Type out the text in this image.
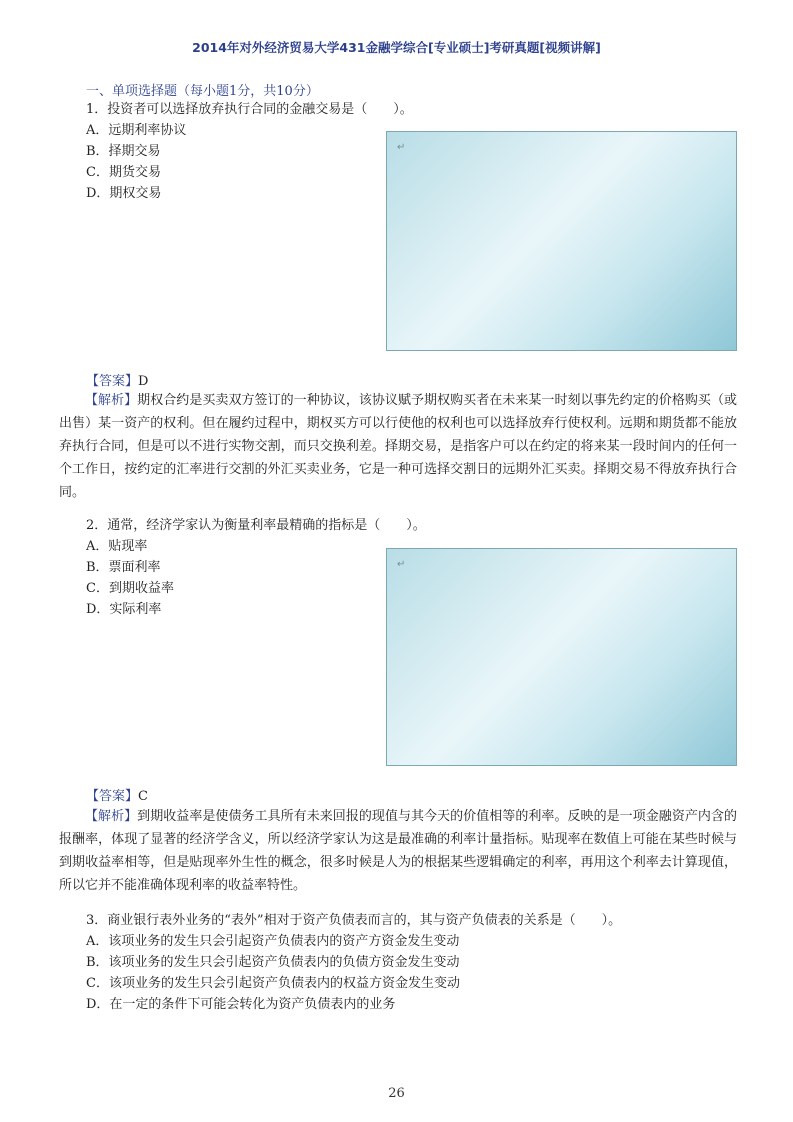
2014年对外经济贸易大学431金融学综合[专业硕士]考研真题[视频讲解]
一、单项选择题（每小题1分，共10分）
1．投资者可以选择放弃执行合同的金融交易是（　　）。
A．远期利率协议
B．择期交易
C．期货交易
D．期权交易
↵
【答案】D
【解析】期权合约是买卖双方签订的一种协议，该协议赋予期权购买者在未来某一时刻以事先约定的价格购买（或出售）某一资产的权利。但在履约过程中，期权买方可以行使他的权利也可以选择放弃行使权利。远期和期货都不能放弃执行合同，但是可以不进行实物交割，而只交换利差。择期交易，是指客户可以在约定的将来某一段时间内的任何一个工作日，按约定的汇率进行交割的外汇买卖业务，它是一种可选择交割日的远期外汇买卖。择期交易不得放弃执行合同。
2．通常，经济学家认为衡量利率最精确的指标是（　　）。
A．贴现率
B．票面利率
C．到期收益率
D．实际利率
↵
【答案】C
【解析】到期收益率是使债务工具所有未来回报的现值与其今天的价值相等的利率。反映的是一项金融资产内含的报酬率，体现了显著的经济学含义，所以经济学家认为这是最准确的利率计量指标。贴现率在数值上可能在某些时候与到期收益率相等，但是贴现率外生性的概念，很多时候是人为的根据某些逻辑确定的利率，再用这个利率去计算现值，所以它并不能准确体现利率的收益率特性。
3．商业银行表外业务的“表外”相对于资产负债表而言的，其与资产负债表的关系是（　　）。
A．该项业务的发生只会引起资产负债表内的资产方资金发生变动
B．该项业务的发生只会引起资产负债表内的负债方资金发生变动
C．该项业务的发生只会引起资产负债表内的权益方资金发生变动
D．在一定的条件下可能会转化为资产负债表内的业务
26
